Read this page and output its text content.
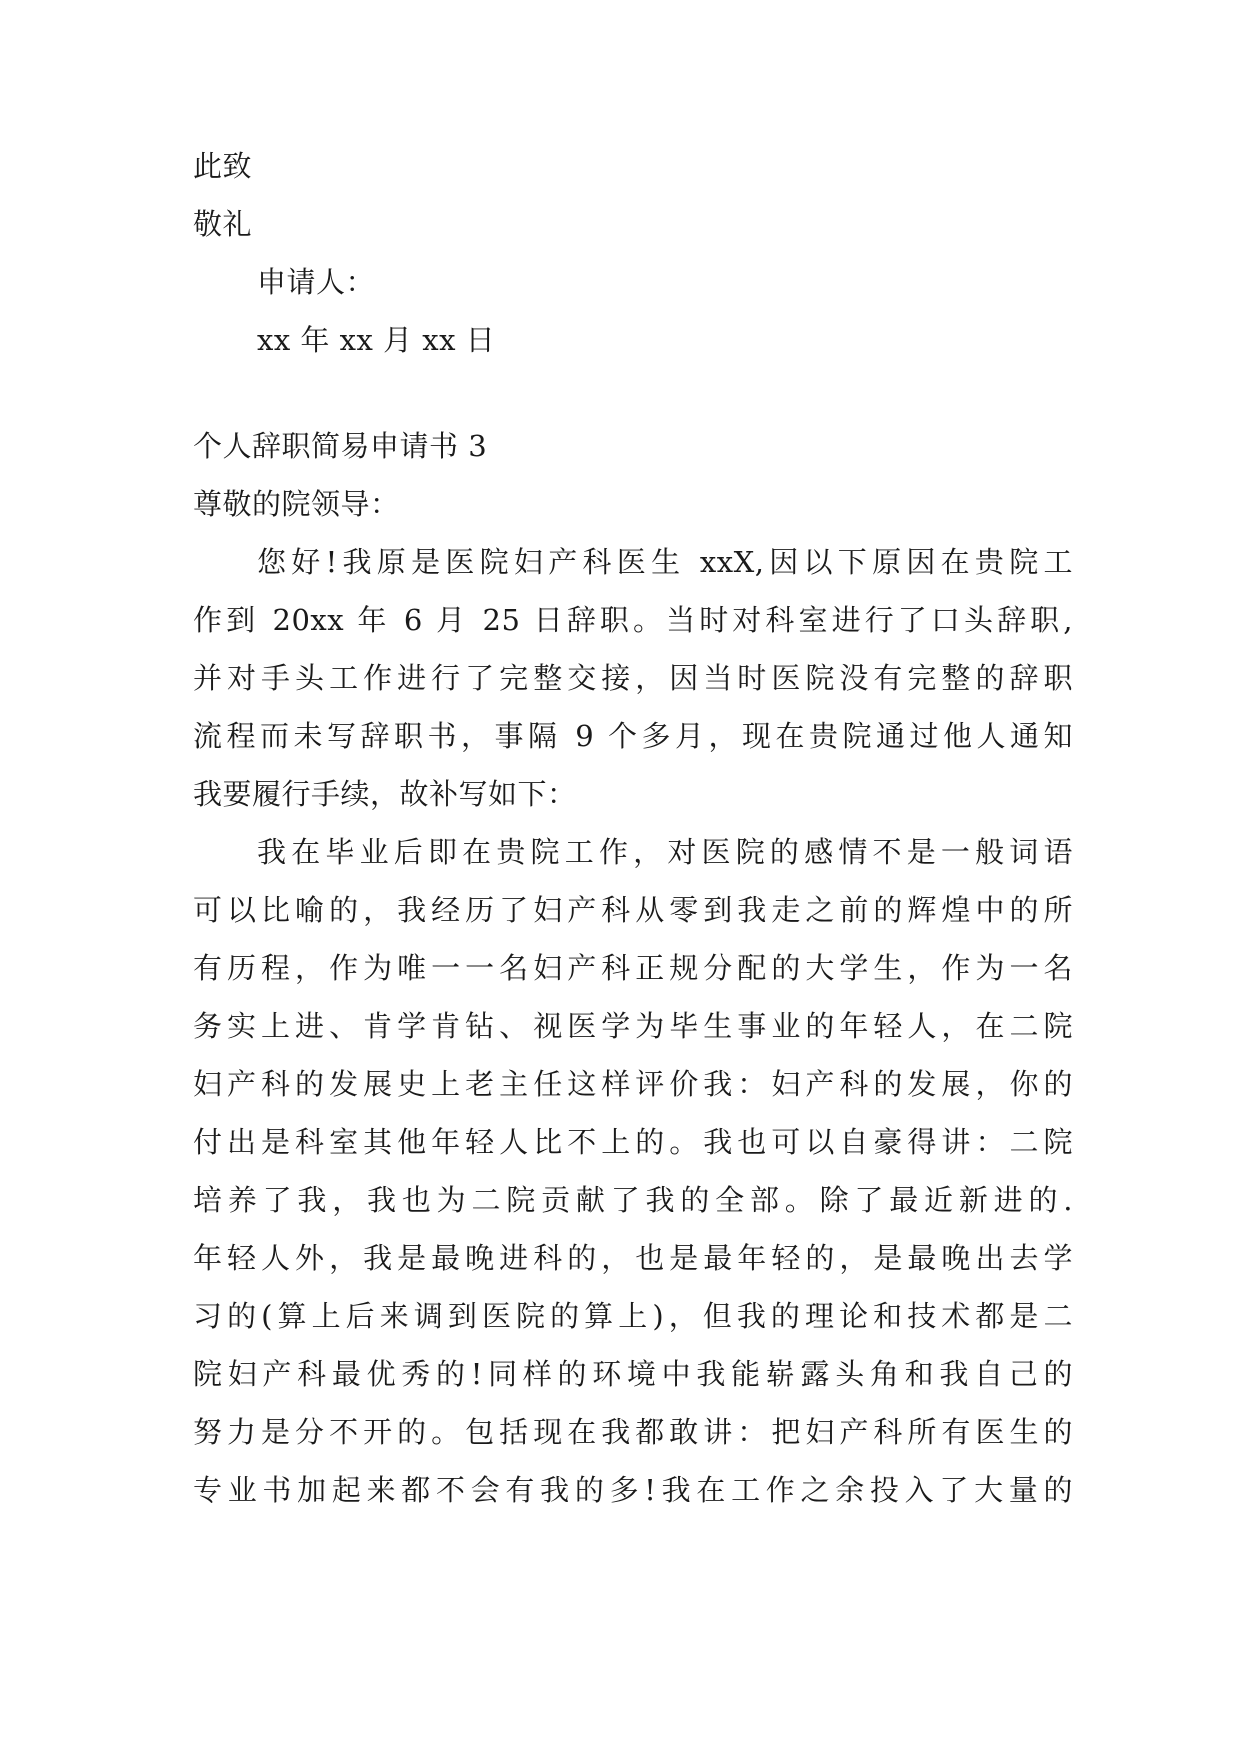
此致
敬礼
申请人：
xx 年 xx 月 xx 日
个人辞职简易申请书 3
尊敬的院领导：
您好!我原是医院妇产科医生 xxX,因以下原因在贵院工
作到 20xx 年 6 月 25 日辞职。当时对科室进行了口头辞职,
并对手头工作进行了完整交接，因当时医院没有完整的辞职
流程而未写辞职书，事隔 9 个多月，现在贵院通过他人通知
我要履行手续，故补写如下：
我在毕业后即在贵院工作，对医院的感情不是一般词语
可以比喻的，我经历了妇产科从零到我走之前的辉煌中的所
有历程，作为唯一一名妇产科正规分配的大学生，作为一名
务实上进、肯学肯钻、视医学为毕生事业的年轻人，在二院
妇产科的发展史上老主任这样评价我：妇产科的发展，你的
付出是科室其他年轻人比不上的。我也可以自豪得讲：二院
培养了我，我也为二院贡献了我的全部。除了最近新进的.
年轻人外，我是最晚进科的，也是最年轻的，是最晚出去学
习的(算上后来调到医院的算上)，但我的理论和技术都是二
院妇产科最优秀的!同样的环境中我能崭露头角和我自己的
努力是分不开的。包括现在我都敢讲：把妇产科所有医生的
专业书加起来都不会有我的多!我在工作之余投入了大量的
